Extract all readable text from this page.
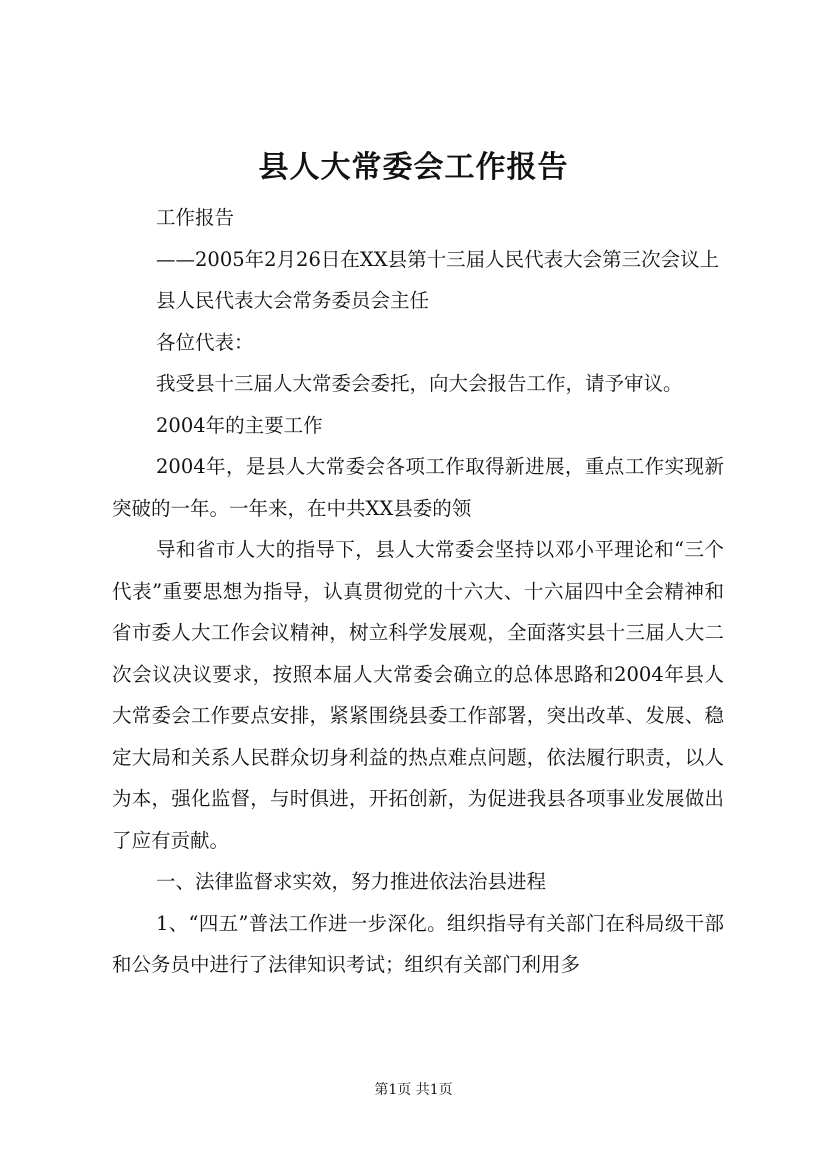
县人大常委会工作报告

工作报告

——2005年2月26日在XX县第十三届人民代表大会第三次会议上

县人民代表大会常务委员会主任

各位代表：

我受县十三届人大常委会委托，向大会报告工作，请予审议。

2004年的主要工作

2004年，是县人大常委会各项工作取得新进展，重点工作实现新突破的一年。一年来，在中共XX县委的领

导和省市人大的指导下，县人大常委会坚持以邓小平理论和“三个代表”重要思想为指导，认真贯彻党的十六大、十六届四中全会精神和省市委人大工作会议精神，树立科学发展观，全面落实县十三届人大二次会议决议要求，按照本届人大常委会确立的总体思路和2004年县人大常委会工作要点安排，紧紧围绕县委工作部署，突出改革、发展、稳定大局和关系人民群众切身利益的热点难点问题，依法履行职责，以人为本，强化监督，与时俱进，开拓创新，为促进我县各项事业发展做出了应有贡献。

一、法律监督求实效，努力推进依法治县进程

1、“四五”普法工作进一步深化。组织指导有关部门在科局级干部和公务员中进行了法律知识考试；组织有关部门利用多

第1页 共1页
